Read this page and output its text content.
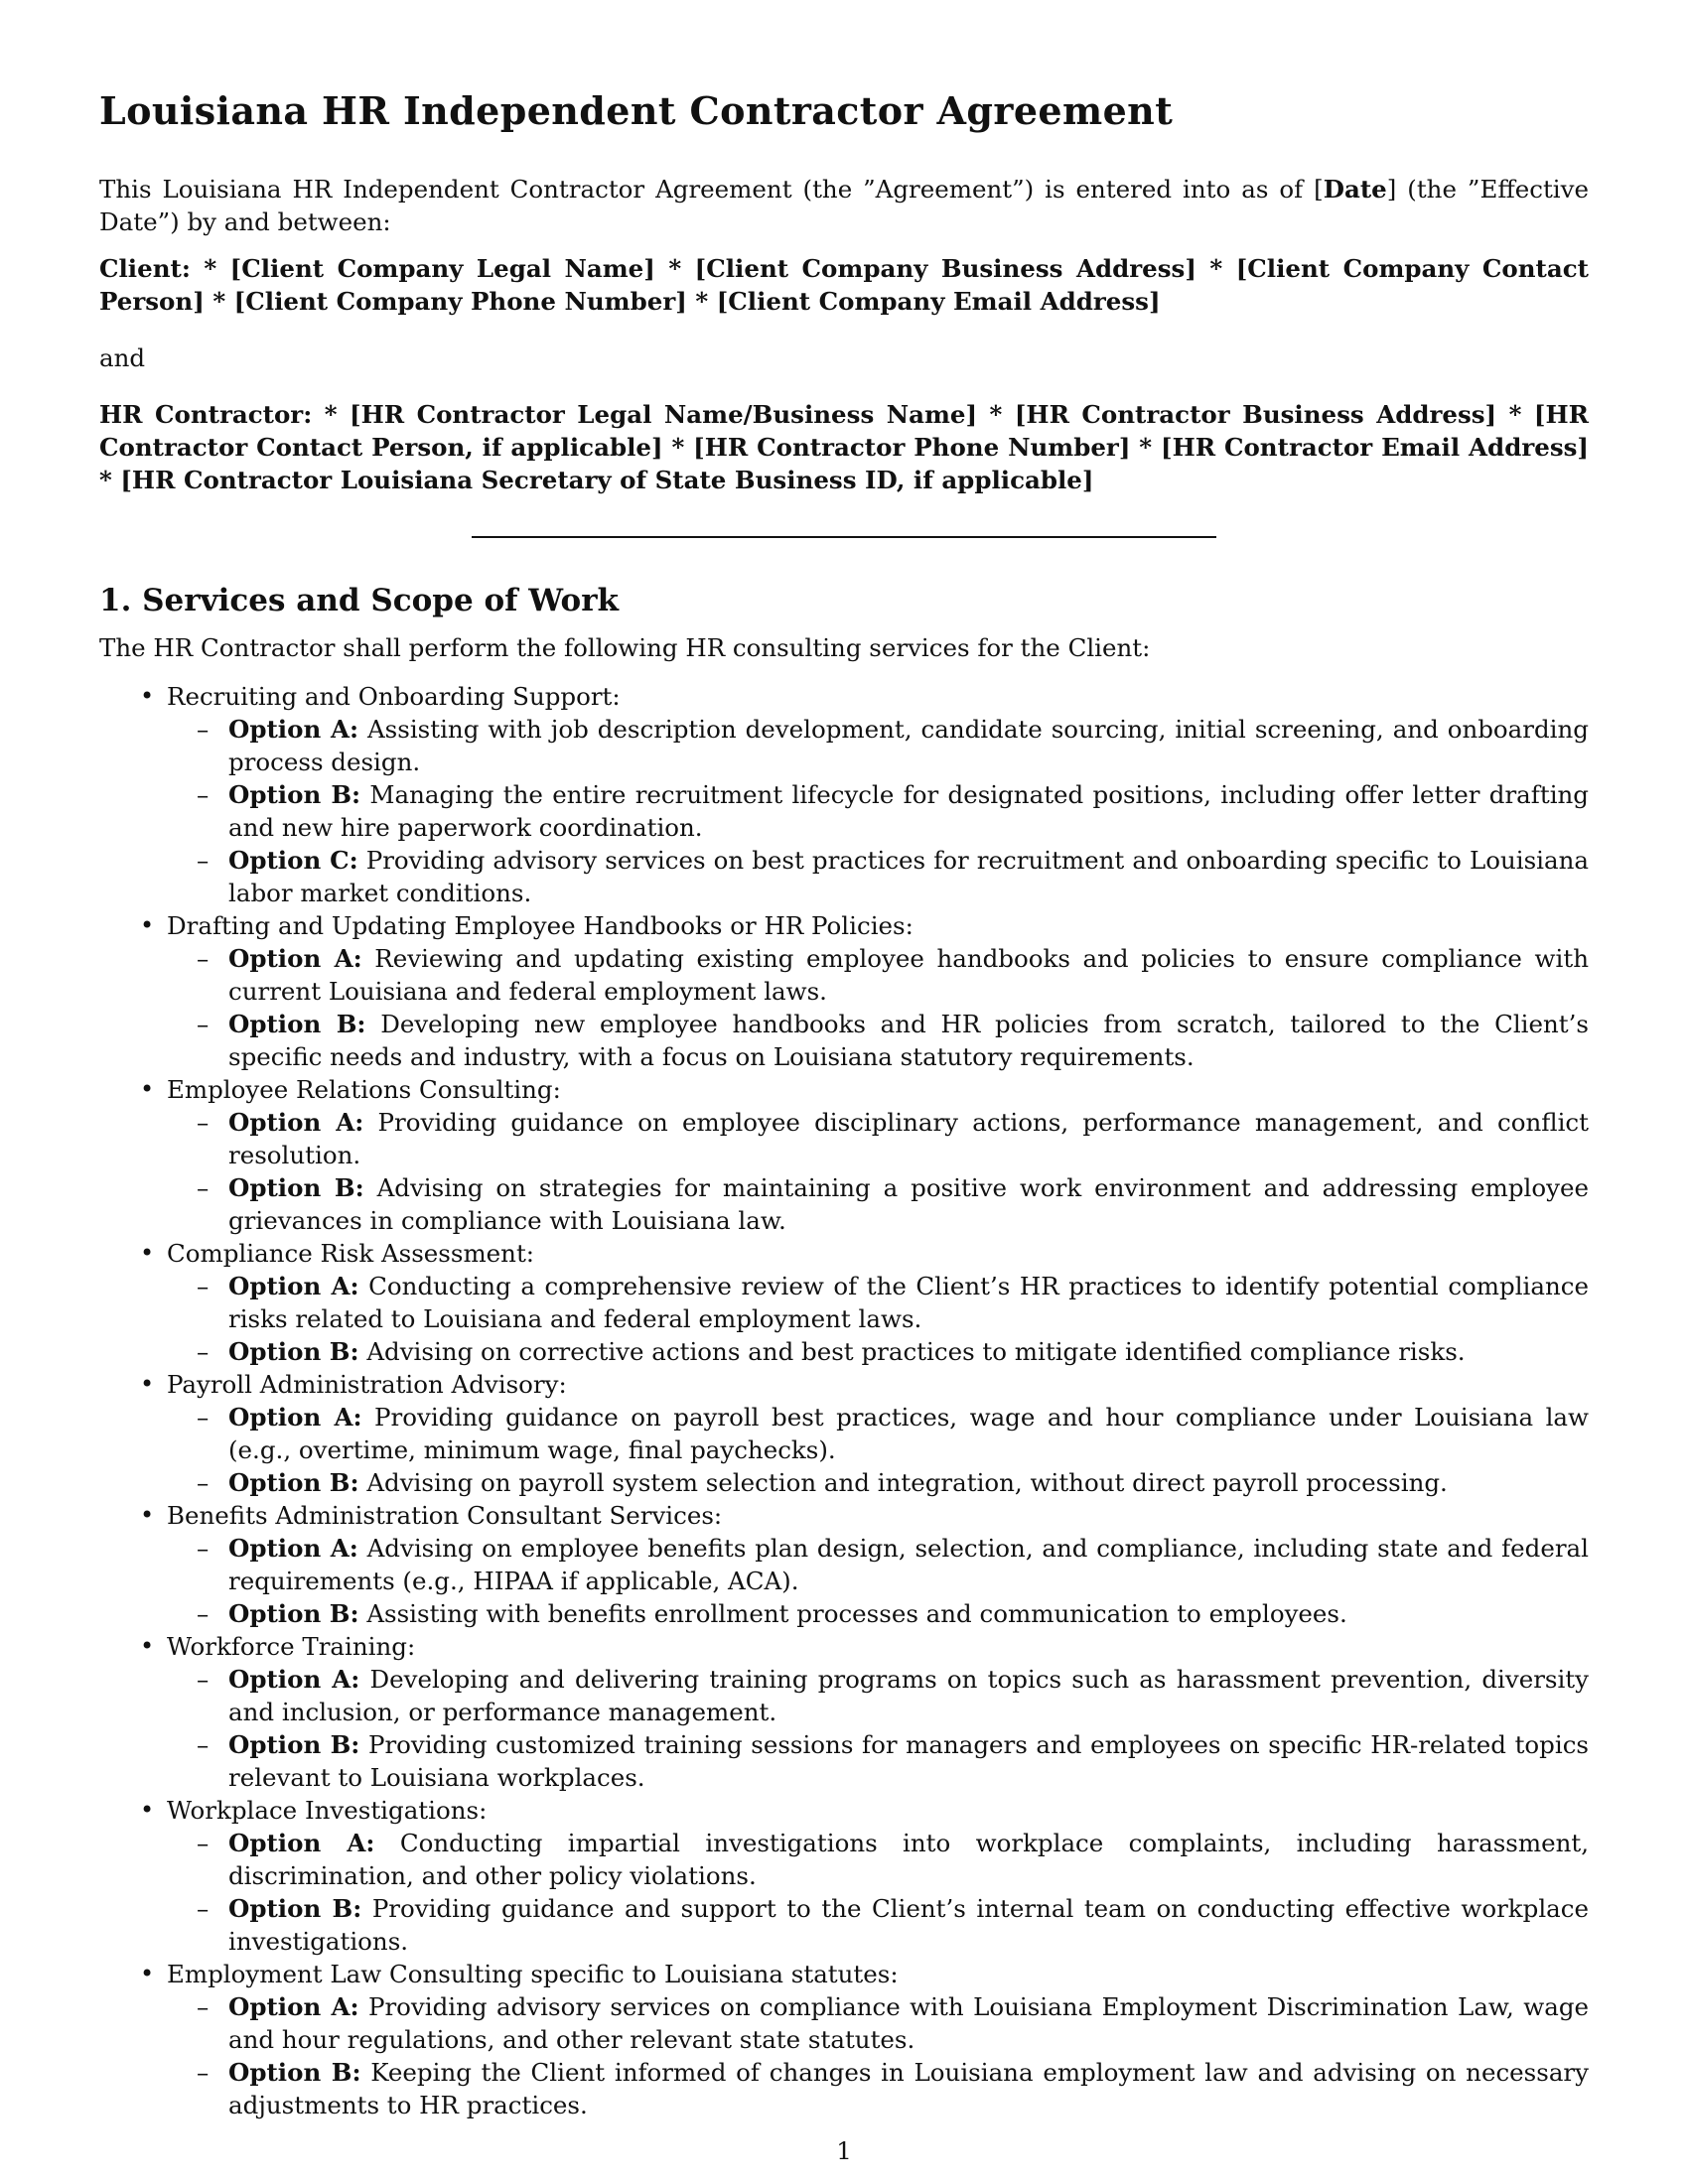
Louisiana HR Independent Contractor Agreement

This Louisiana HR Independent Contractor Agreement (the ”Agreement”) is entered into as of [Date] (the ”Effective Date”) by and between:

Client: * [Client Company Legal Name] * [Client Company Business Address] * [Client Company Contact Person] * [Client Company Phone Number] * [Client Company Email Address]

and

HR Contractor: * [HR Contractor Legal Name/Business Name] * [HR Contractor Business Address] * [HR Contractor Contact Person, if applicable] * [HR Contractor Phone Number] * [HR Contractor Email Address] * [HR Contractor Louisiana Secretary of State Business ID, if applicable]

1. Services and Scope of Work

The HR Contractor shall perform the following HR consulting services for the Client:

• Recruiting and Onboarding Support:
– Option A: Assisting with job description development, candidate sourcing, initial screening, and onboarding process design.
– Option B: Managing the entire recruitment lifecycle for designated positions, including offer letter drafting and new hire paperwork coordination.
– Option C: Providing advisory services on best practices for recruitment and onboarding specific to Louisiana labor market conditions.
• Drafting and Updating Employee Handbooks or HR Policies:
– Option A: Reviewing and updating existing employee handbooks and policies to ensure compliance with current Louisiana and federal employment laws.
– Option B: Developing new employee handbooks and HR policies from scratch, tailored to the Client’s specific needs and industry, with a focus on Louisiana statutory requirements.
• Employee Relations Consulting:
– Option A: Providing guidance on employee disciplinary actions, performance management, and conflict resolution.
– Option B: Advising on strategies for maintaining a positive work environment and addressing employee grievances in compliance with Louisiana law.
• Compliance Risk Assessment:
– Option A: Conducting a comprehensive review of the Client’s HR practices to identify potential compliance risks related to Louisiana and federal employment laws.
– Option B: Advising on corrective actions and best practices to mitigate identified compliance risks.
• Payroll Administration Advisory:
– Option A: Providing guidance on payroll best practices, wage and hour compliance under Louisiana law (e.g., overtime, minimum wage, final paychecks).
– Option B: Advising on payroll system selection and integration, without direct payroll processing.
• Benefits Administration Consultant Services:
– Option A: Advising on employee benefits plan design, selection, and compliance, including state and federal requirements (e.g., HIPAA if applicable, ACA).
– Option B: Assisting with benefits enrollment processes and communication to employees.
• Workforce Training:
– Option A: Developing and delivering training programs on topics such as harassment prevention, diversity and inclusion, or performance management.
– Option B: Providing customized training sessions for managers and employees on specific HR-related topics relevant to Louisiana workplaces.
• Workplace Investigations:
– Option A: Conducting impartial investigations into workplace complaints, including harassment, discrimination, and other policy violations.
– Option B: Providing guidance and support to the Client’s internal team on conducting effective workplace investigations.
• Employment Law Consulting specific to Louisiana statutes:
– Option A: Providing advisory services on compliance with Louisiana Employment Discrimination Law, wage and hour regulations, and other relevant state statutes.
– Option B: Keeping the Client informed of changes in Louisiana employment law and advising on necessary adjustments to HR practices.
1
